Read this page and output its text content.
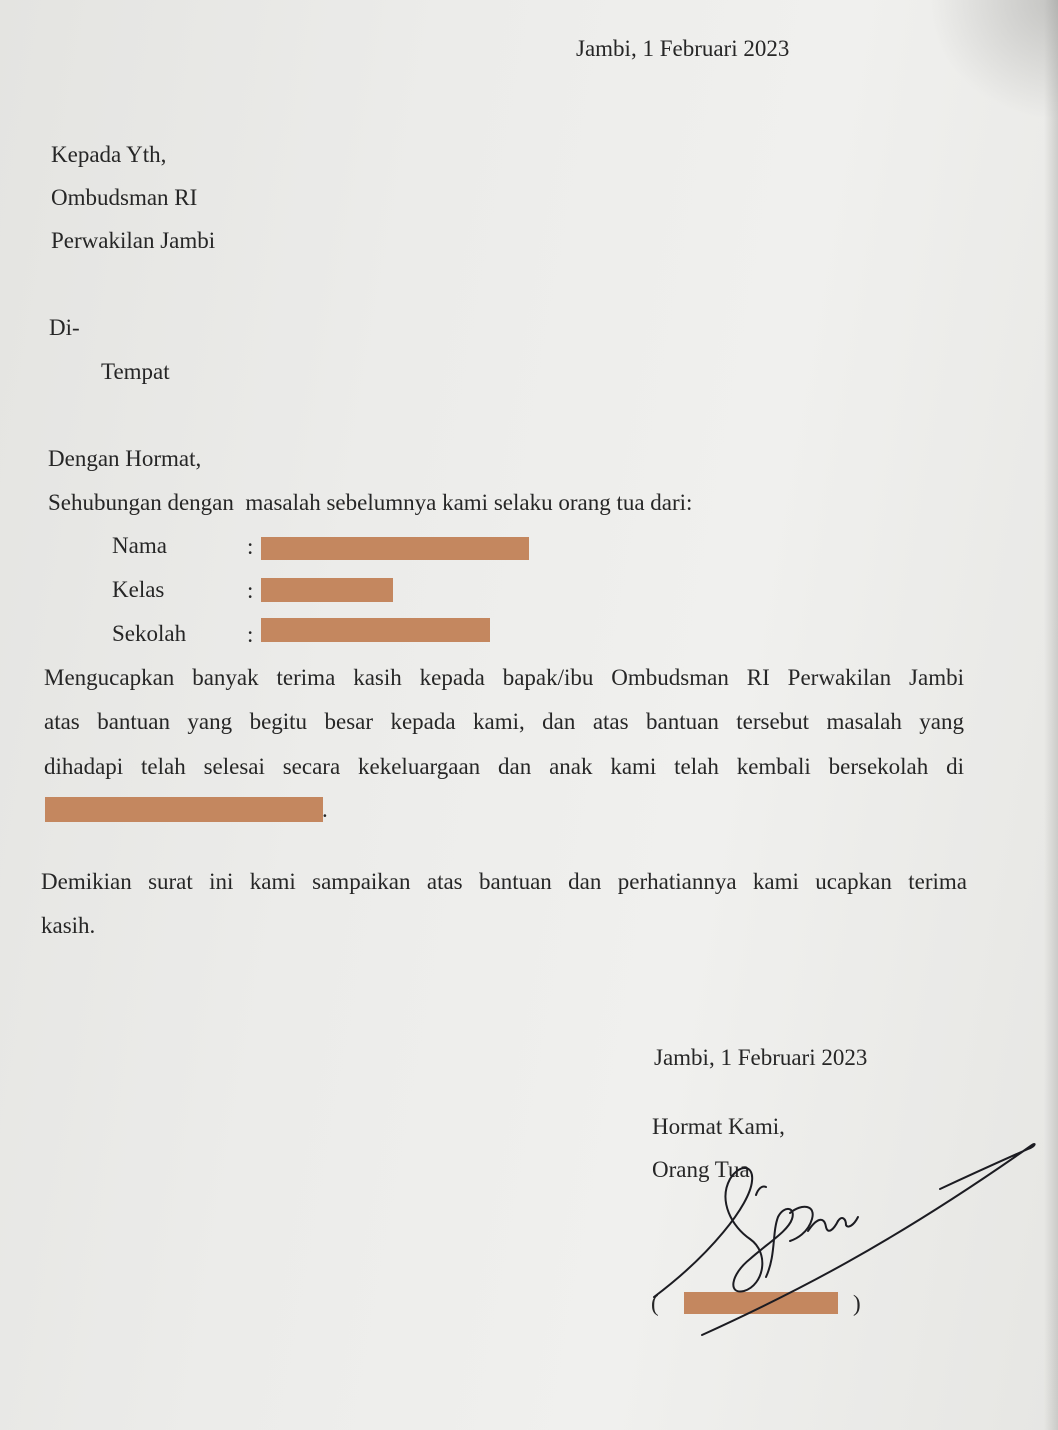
Jambi, 1 Februari 2023
Kepada Yth,
Ombudsman RI
Perwakilan Jambi
Di-
Tempat
Dengan Hormat,
Sehubungan dengan  masalah sebelumnya kami selaku orang tua dari:
Nama	:
Kelas	:
Sekolah	:
Mengucapkan banyak terima kasih kepada bapak/ibu Ombudsman RI Perwakilan Jambi
atas bantuan yang begitu besar kepada kami, dan atas bantuan tersebut masalah yang
dihadapi telah selesai secara kekeluargaan dan anak kami telah kembali bersekolah di
.
Demikian surat ini kami sampaikan atas bantuan dan perhatiannya kami ucapkan terima
kasih.
Jambi, 1 Februari 2023
Hormat Kami,
Orang Tua
(	)
